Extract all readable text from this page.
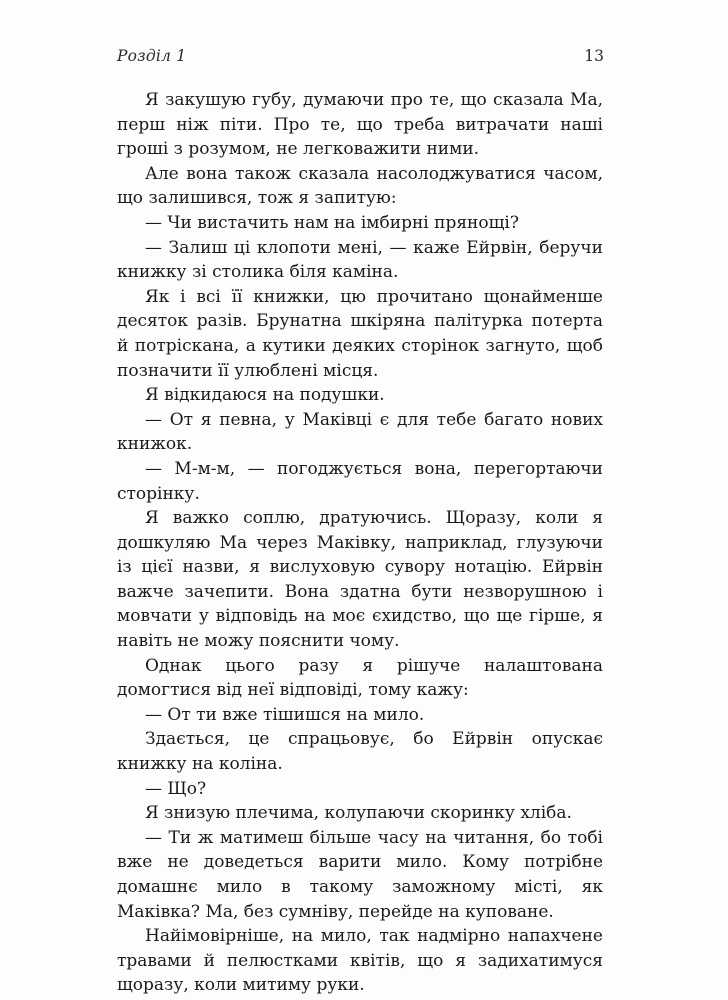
Розділ 1	13

Я закушую губу, думаючи про те, що сказала Ма, перш ніж піти. Про те, що треба витрачати наші гроші з розумом, не легковажити ними.

Але вона також сказала насолоджуватися часом, що залишився, тож я запитую:

— Чи вистачить нам на імбирні прянощі?

— Залиш ці клопоти мені, — каже Ейрвін, беручи книжку зі столика біля каміна.

Як і всі її книжки, цю прочитано щонайменше десяток разів. Брунатна шкіряна палітурка потерта й потріскана, а кутики деяких сторінок загнуто, щоб позначити її улюблені місця.

Я відкидаюся на подушки.

— От я певна, у Маківці є для тебе багато нових книжок.

— М-м-м, — погоджується вона, перегортаючи сторінку.

Я важко соплю, дратуючись. Щоразу, коли я дошкуляю Ма через Маківку, наприклад, глузуючи із цієї назви, я вислуховую сувору нотацію. Ейрвін важче зачепити. Вона здатна бути незворушною і мовчати у відповідь на моє єхидство, що ще гірше, я навіть не можу пояснити чому.

Однак цього разу я рішуче налаштована домогтися від неї відповіді, тому кажу:

— От ти вже тішишся на мило.

Здається, це спрацьовує, бо Ейрвін опускає книжку на коліна.

— Що?

Я знизую плечима, колупаючи скоринку хліба.

— Ти ж матимеш більше часу на читання, бо тобі вже не доведеться варити мило. Кому потрібне домашнє мило в такому заможному місті, як Маківка? Ма, без сумніву, перейде на куповане.

Найімовірніше, на мило, так надмірно напахчене травами й пелюстками квітів, що я задихатимуся щоразу, коли митиму руки.
